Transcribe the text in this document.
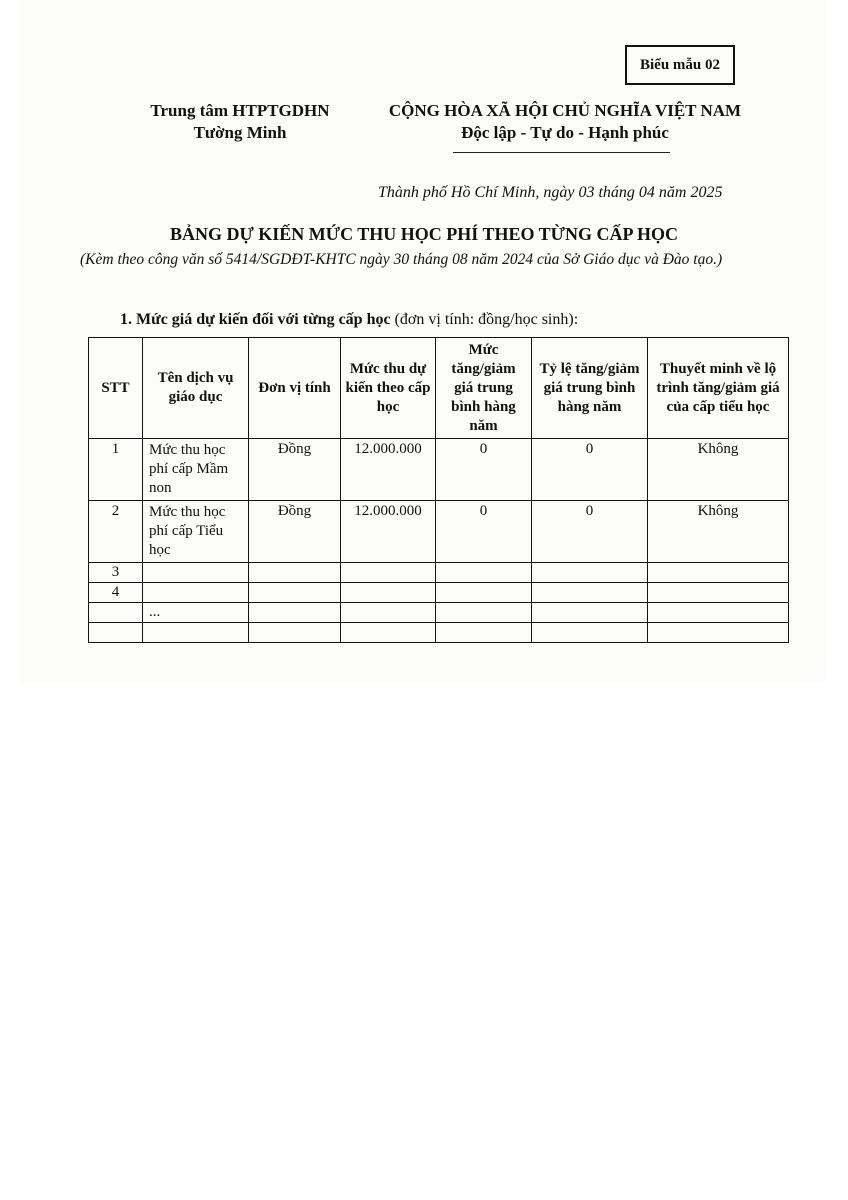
Biểu mẫu 02
Trung tâm HTPTGDHN
Tường Minh
CỘNG HÒA XÃ HỘI CHỦ NGHĨA VIỆT NAM
Độc lập - Tự do - Hạnh phúc
Thành phố Hồ Chí Minh, ngày 03 tháng 04 năm 2025
BẢNG DỰ KIẾN MỨC THU HỌC PHÍ THEO TỪNG CẤP HỌC
(Kèm theo công văn số 5414/SGDĐT-KHTC ngày 30 tháng 08 năm 2024 của Sở Giáo dục và Đào tạo.)
1. Mức giá dự kiến đối với từng cấp học (đơn vị tính: đồng/học sinh):
STT	Tên dịch vụ giáo dục	Đơn vị tính	Mức thu dự kiến theo cấp học	Mức tăng/giảm giá trung bình hàng năm	Tỷ lệ tăng/giảm giá trung bình hàng năm	Thuyết minh về lộ trình tăng/giảm giá của cấp tiểu học
1	Mức thu học phí cấp Mầm non	Đồng	12.000.000	0	0	Không
2	Mức thu học phí cấp Tiểu học	Đồng	12.000.000	0	0	Không
3						
4						
	...					
